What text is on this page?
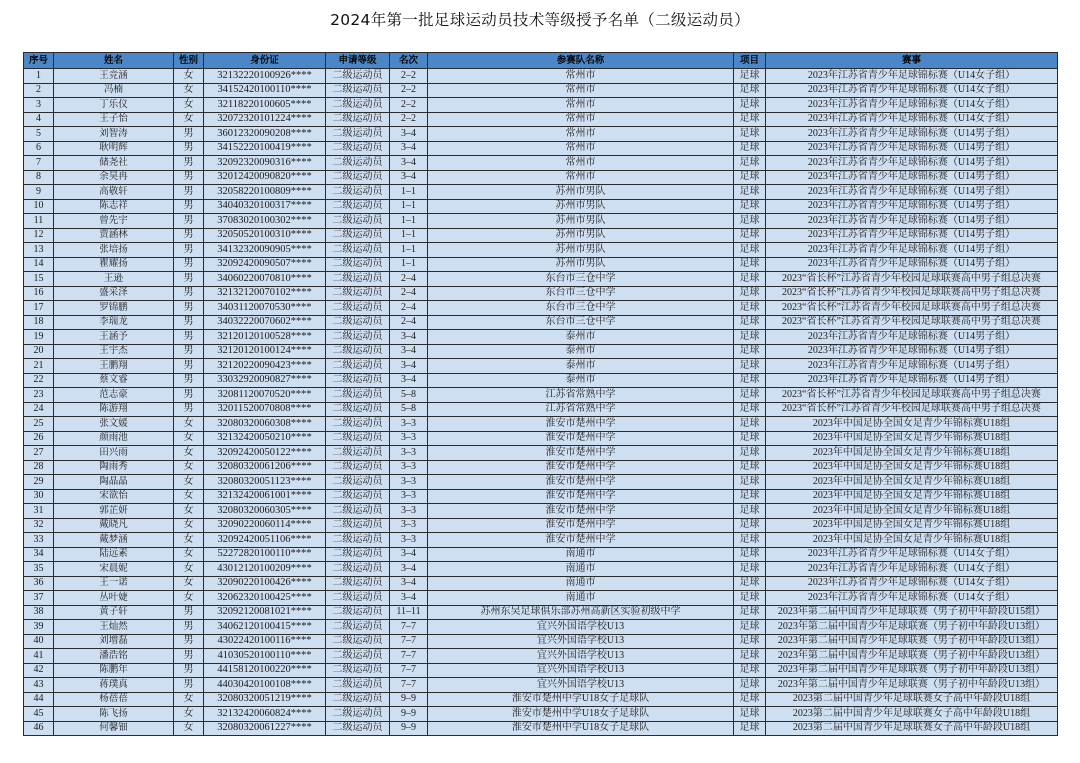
2024年第一批足球运动员技术等级授予名单（二级运动员）
序号	姓名	性别	身份证	申请等级	名次	参赛队名称	项目	赛事
1	王竞涵	女	32132220100926****	二级运动员	2–2	常州市	足球	2023年江苏省青少年足球锦标赛（U14女子组）
2	冯楠	女	34152420100110****	二级运动员	2–2	常州市	足球	2023年江苏省青少年足球锦标赛（U14女子组）
3	丁乐仪	女	32118220100605****	二级运动员	2–2	常州市	足球	2023年江苏省青少年足球锦标赛（U14女子组）
4	王子怡	女	32072320101224****	二级运动员	2–2	常州市	足球	2023年江苏省青少年足球锦标赛（U14女子组）
5	刘智涛	男	36012320090208****	二级运动员	3–4	常州市	足球	2023年江苏省青少年足球锦标赛（U14男子组）
6	耿明辉	男	34152220100419****	二级运动员	3–4	常州市	足球	2023年江苏省青少年足球锦标赛（U14男子组）
7	储尧社	男	32092320090316****	二级运动员	3–4	常州市	足球	2023年江苏省青少年足球锦标赛（U14男子组）
8	余昊冉	男	32012420090820****	二级运动员	3–4	常州市	足球	2023年江苏省青少年足球锦标赛（U14男子组）
9	高敬轩	男	32058220100809****	二级运动员	1–1	苏州市男队	足球	2023年江苏省青少年足球锦标赛（U14男子组）
10	陈志祥	男	34040320100317****	二级运动员	1–1	苏州市男队	足球	2023年江苏省青少年足球锦标赛（U14男子组）
11	曾先宇	男	37083020100302****	二级运动员	1–1	苏州市男队	足球	2023年江苏省青少年足球锦标赛（U14男子组）
12	贾涵林	男	32050520100310****	二级运动员	1–1	苏州市男队	足球	2023年江苏省青少年足球锦标赛（U14男子组）
13	张培扬	男	34132320090905****	二级运动员	1–1	苏州市男队	足球	2023年江苏省青少年足球锦标赛（U14男子组）
14	瞿耀扬	男	32092420090507****	二级运动员	1–1	苏州市男队	足球	2023年江苏省青少年足球锦标赛（U14男子组）
15	王逊	男	34060220070810****	二级运动员	2–4	东台市三仓中学	足球	2023“省长杯”江苏省青少年校园足球联赛高中男子组总决赛
16	盛采泽	男	32132120070102****	二级运动员	2–4	东台市三仓中学	足球	2023“省长杯”江苏省青少年校园足球联赛高中男子组总决赛
17	罗锦鹏	男	34031120070530****	二级运动员	2–4	东台市三仓中学	足球	2023“省长杯”江苏省青少年校园足球联赛高中男子组总决赛
18	李瑞龙	男	34032220070602****	二级运动员	2–4	东台市三仓中学	足球	2023“省长杯”江苏省青少年校园足球联赛高中男子组总决赛
19	王涵予	男	32120120100528****	二级运动员	3–4	泰州市	足球	2023年江苏省青少年足球锦标赛（U14男子组）
20	王宇杰	男	32120120100124****	二级运动员	3–4	泰州市	足球	2023年江苏省青少年足球锦标赛（U14男子组）
21	王鹏翔	男	32120220090423****	二级运动员	3–4	泰州市	足球	2023年江苏省青少年足球锦标赛（U14男子组）
22	蔡文睿	男	33032920090827****	二级运动员	3–4	泰州市	足球	2023年江苏省青少年足球锦标赛（U14男子组）
23	范志豪	男	32081120070520****	二级运动员	5–8	江苏省常熟中学	足球	2023“省长杯”江苏省青少年校园足球联赛高中男子组总决赛
24	陈游翔	男	32011520070808****	二级运动员	5–8	江苏省常熟中学	足球	2023“省长杯”江苏省青少年校园足球联赛高中男子组总决赛
25	张文媛	女	32080320060308****	二级运动员	3–3	淮安市楚州中学	足球	2023年中国足协全国女足青少年锦标赛U18组
26	颜雨池	女	32132420050210****	二级运动员	3–3	淮安市楚州中学	足球	2023年中国足协全国女足青少年锦标赛U18组
27	田兴雨	女	32092420050122****	二级运动员	3–3	淮安市楚州中学	足球	2023年中国足协全国女足青少年锦标赛U18组
28	陶雨秀	女	32080320061206****	二级运动员	3–3	淮安市楚州中学	足球	2023年中国足协全国女足青少年锦标赛U18组
29	陶晶晶	女	32080320051123****	二级运动员	3–3	淮安市楚州中学	足球	2023年中国足协全国女足青少年锦标赛U18组
30	宋欲怡	女	32132420061001****	二级运动员	3–3	淮安市楚州中学	足球	2023年中国足协全国女足青少年锦标赛U18组
31	郭芷妍	女	32080320060305****	二级运动员	3–3	淮安市楚州中学	足球	2023年中国足协全国女足青少年锦标赛U18组
32	戴晓凡	女	32090220060114****	二级运动员	3–3	淮安市楚州中学	足球	2023年中国足协全国女足青少年锦标赛U18组
33	戴梦涵	女	32092420051106****	二级运动员	3–3	淮安市楚州中学	足球	2023年中国足协全国女足青少年锦标赛U18组
34	陆远素	女	52272820100110****	二级运动员	3–4	南通市	足球	2023年江苏省青少年足球锦标赛（U14女子组）
35	宋晨妮	女	43012120100209****	二级运动员	3–4	南通市	足球	2023年江苏省青少年足球锦标赛（U14女子组）
36	王一诺	女	32090220100426****	二级运动员	3–4	南通市	足球	2023年江苏省青少年足球锦标赛（U14女子组）
37	丛叶婕	女	32062320100425****	二级运动员	3–4	南通市	足球	2023年江苏省青少年足球锦标赛（U14女子组）
38	黄子轩	男	32092120081021****	二级运动员	11–11	苏州东吴足球俱乐部苏州高新区实验初级中学	足球	2023年第二届中国青少年足球联赛（男子初中年龄段U15组）
39	王灿然	男	34062120100415****	二级运动员	7–7	宜兴外国语学校U13	足球	2023年第二届中国青少年足球联赛（男子初中年龄段U13组）
40	刘增磊	男	43022420100116****	二级运动员	7–7	宜兴外国语学校U13	足球	2023年第二届中国青少年足球联赛（男子初中年龄段U13组）
41	潘浩铭	男	41030520100110****	二级运动员	7–7	宜兴外国语学校U13	足球	2023年第二届中国青少年足球联赛（男子初中年龄段U13组）
42	陈鹏年	男	44158120100220****	二级运动员	7–7	宜兴外国语学校U13	足球	2023年第二届中国青少年足球联赛（男子初中年龄段U13组）
43	蒋璞真	男	44030420100108****	二级运动员	7–7	宜兴外国语学校U13	足球	2023年第二届中国青少年足球联赛（男子初中年龄段U13组）
44	杨蓓蓓	女	32080320051219****	二级运动员	9–9	淮安市楚州中学U18女子足球队	足球	2023第二届中国青少年足球联赛女子高中年龄段U18组
45	陈飞扬	女	32132420060824****	二级运动员	9–9	淮安市楚州中学U18女子足球队	足球	2023第二届中国青少年足球联赛女子高中年龄段U18组
46	何馨钿	女	32080320061227****	二级运动员	9–9	淮安市楚州中学U18女子足球队	足球	2023第二届中国青少年足球联赛女子高中年龄段U18组
